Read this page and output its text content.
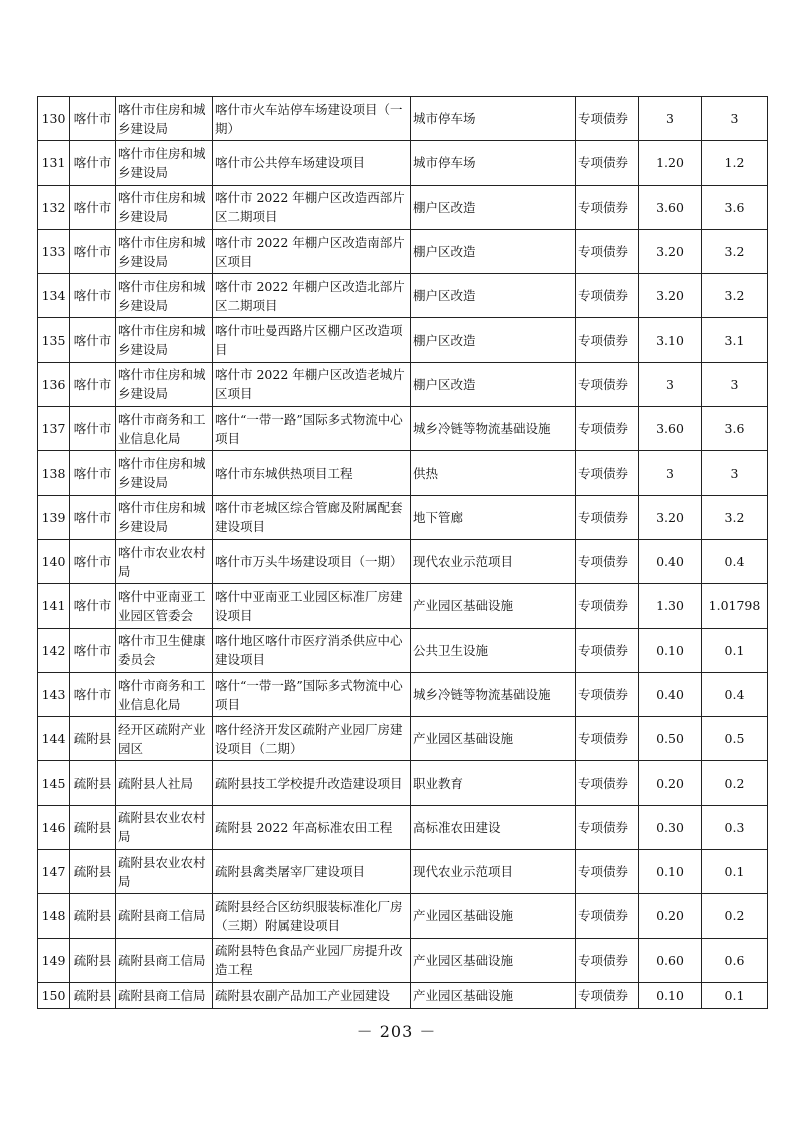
130	喀什市	喀什市住房和城乡建设局	喀什市火车站停车场建设项目（一期）	城市停车场	专项债券	3	3
131	喀什市	喀什市住房和城乡建设局	喀什市公共停车场建设项目	城市停车场	专项债券	1.20	1.2
132	喀什市	喀什市住房和城乡建设局	喀什市 2022 年棚户区改造西部片区二期项目	棚户区改造	专项债券	3.60	3.6
133	喀什市	喀什市住房和城乡建设局	喀什市 2022 年棚户区改造南部片区项目	棚户区改造	专项债券	3.20	3.2
134	喀什市	喀什市住房和城乡建设局	喀什市 2022 年棚户区改造北部片区二期项目	棚户区改造	专项债券	3.20	3.2
135	喀什市	喀什市住房和城乡建设局	喀什市吐曼西路片区棚户区改造项目	棚户区改造	专项债券	3.10	3.1
136	喀什市	喀什市住房和城乡建设局	喀什市 2022 年棚户区改造老城片区项目	棚户区改造	专项债券	3	3
137	喀什市	喀什市商务和工业信息化局	喀什“一带一路”国际多式物流中心项目	城乡冷链等物流基础设施	专项债券	3.60	3.6
138	喀什市	喀什市住房和城乡建设局	喀什市东城供热项目工程	供热	专项债券	3	3
139	喀什市	喀什市住房和城乡建设局	喀什市老城区综合管廊及附属配套建设项目	地下管廊	专项债券	3.20	3.2
140	喀什市	喀什市农业农村局	喀什市万头牛场建设项目（一期）	现代农业示范项目	专项债券	0.40	0.4
141	喀什市	喀什中亚南亚工业园区管委会	喀什中亚南亚工业园区标准厂房建设项目	产业园区基础设施	专项债券	1.30	1.01798
142	喀什市	喀什市卫生健康委员会	喀什地区喀什市医疗消杀供应中心建设项目	公共卫生设施	专项债券	0.10	0.1
143	喀什市	喀什市商务和工业信息化局	喀什“一带一路”国际多式物流中心项目	城乡冷链等物流基础设施	专项债券	0.40	0.4
144	疏附县	经开区疏附产业园区	喀什经济开发区疏附产业园厂房建设项目（二期）	产业园区基础设施	专项债券	0.50	0.5
145	疏附县	疏附县人社局	疏附县技工学校提升改造建设项目	职业教育	专项债券	0.20	0.2
146	疏附县	疏附县农业农村局	疏附县 2022 年高标准农田工程	高标准农田建设	专项债券	0.30	0.3
147	疏附县	疏附县农业农村局	疏附县禽类屠宰厂建设项目	现代农业示范项目	专项债券	0.10	0.1
148	疏附县	疏附县商工信局	疏附县经合区纺织服装标准化厂房（三期）附属建设项目	产业园区基础设施	专项债券	0.20	0.2
149	疏附县	疏附县商工信局	疏附县特色食品产业园厂房提升改造工程	产业园区基础设施	专项债券	0.60	0.6
150	疏附县	疏附县商工信局	疏附县农副产品加工产业园建设	产业园区基础设施	专项债券	0.10	0.1
－ 203 －
